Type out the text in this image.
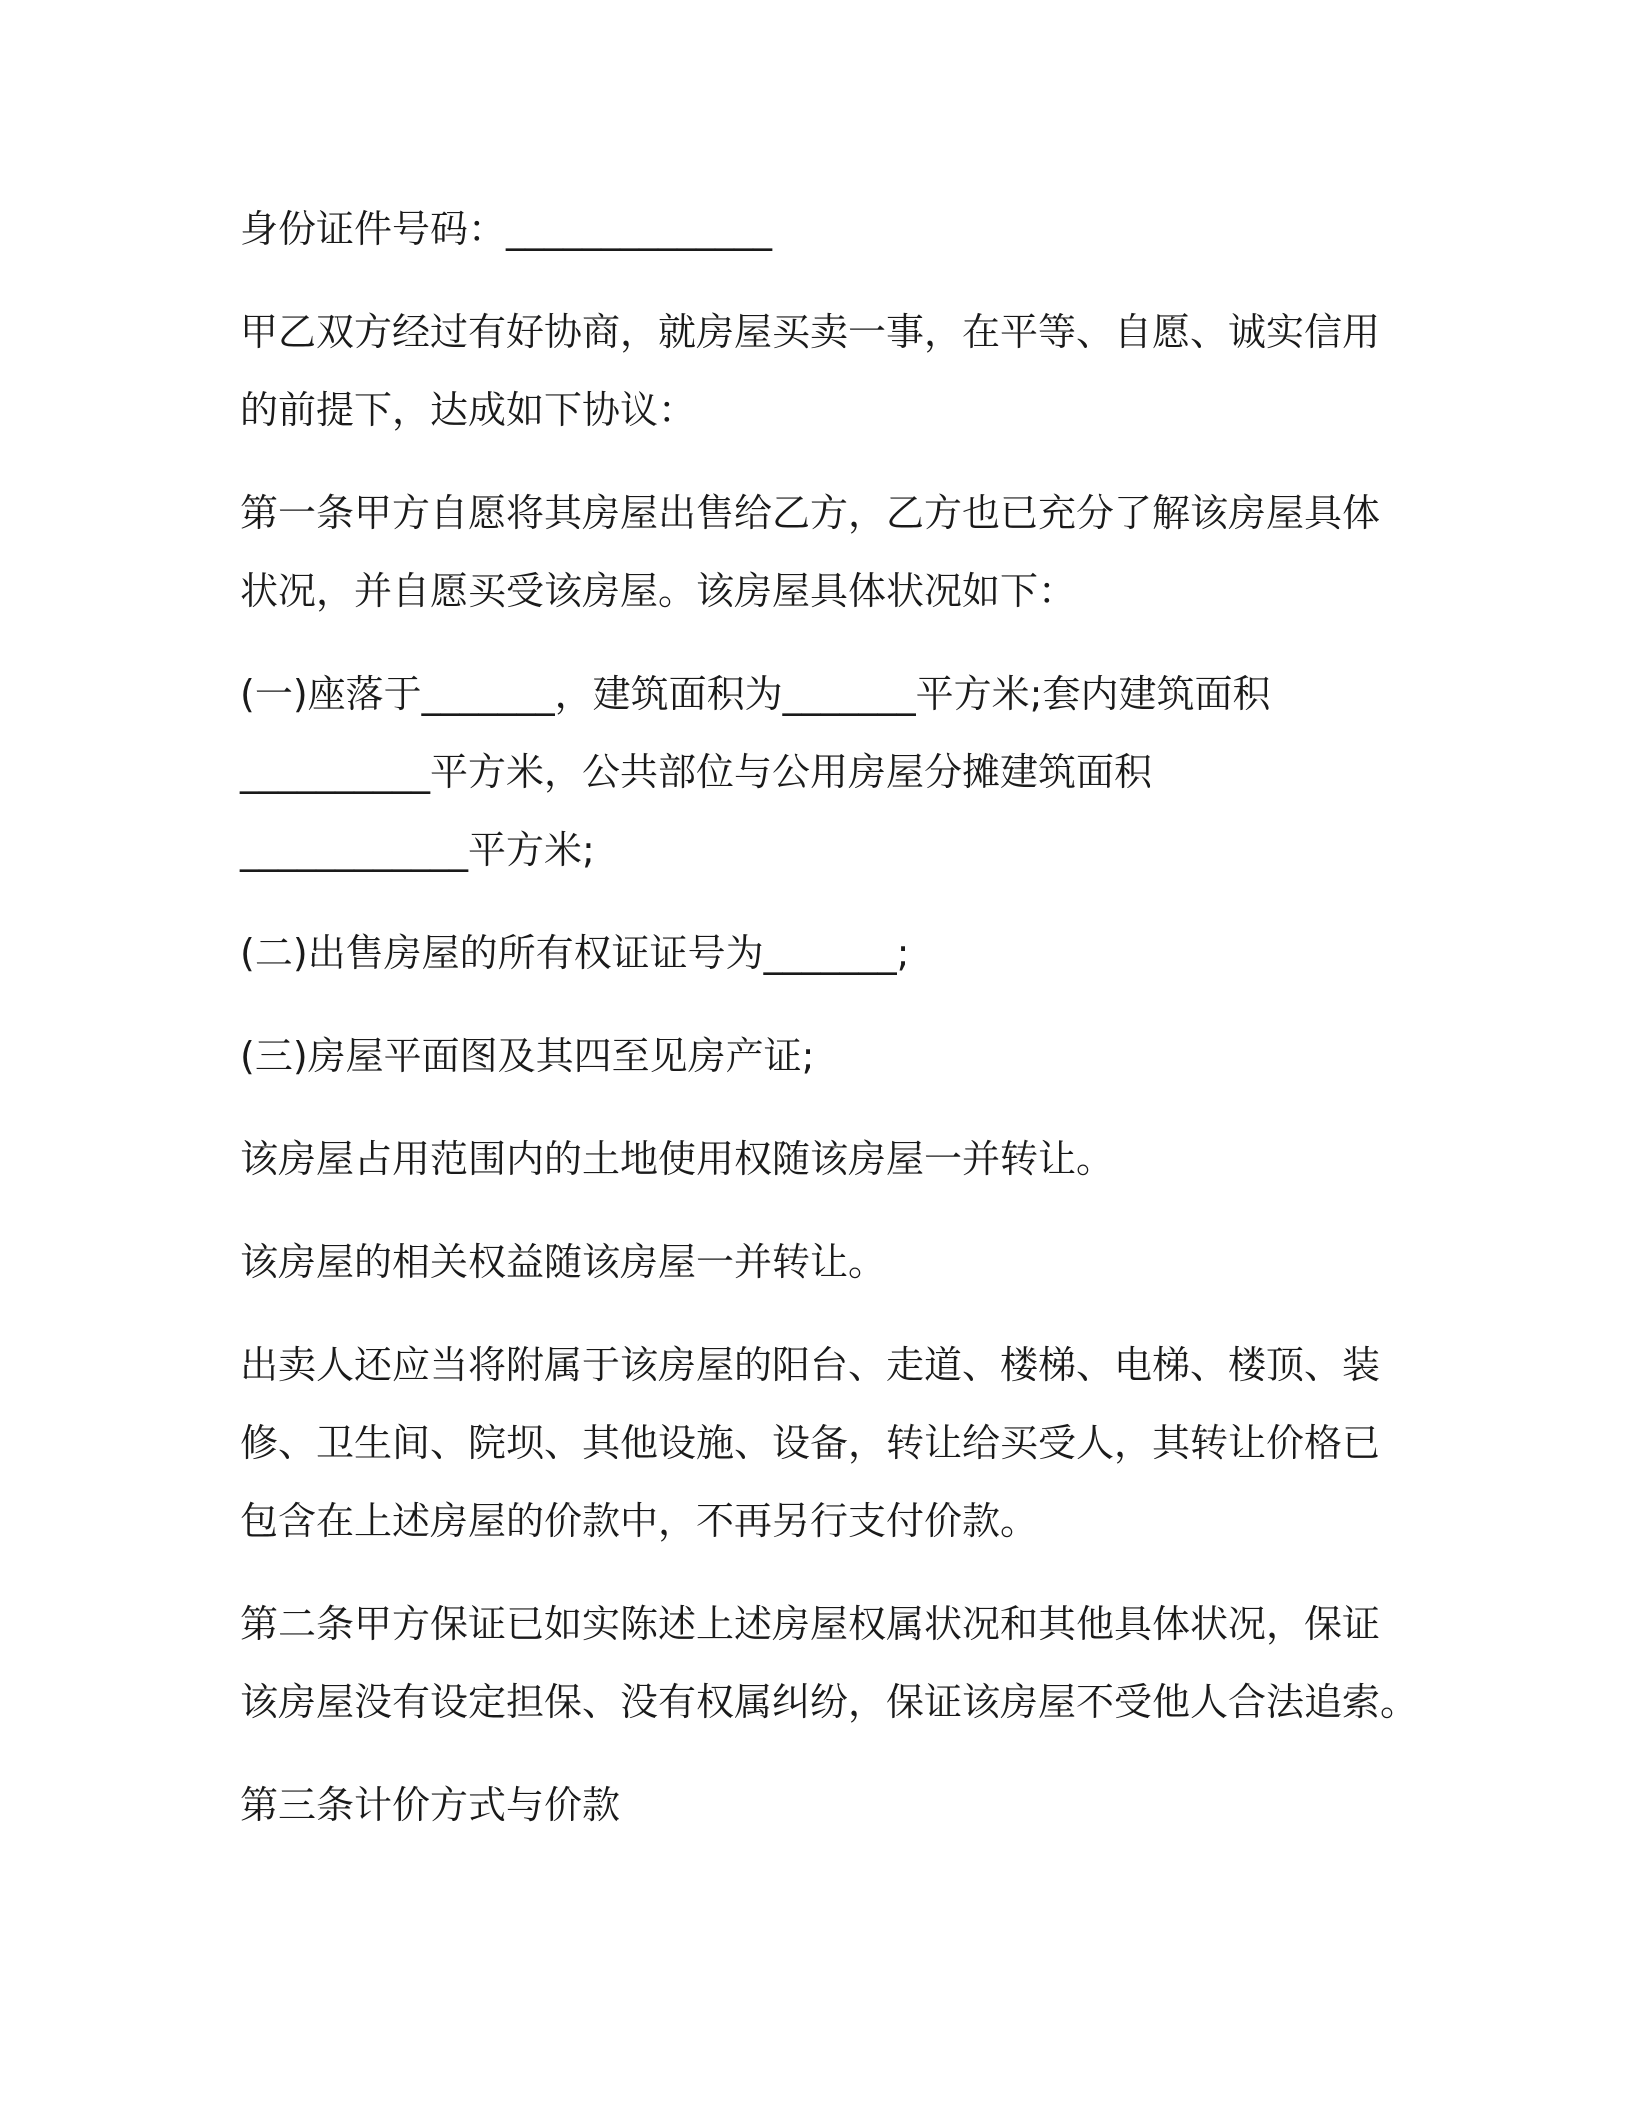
身份证件号码：______________

甲乙双方经过有好协商，就房屋买卖一事，在平等、自愿、诚实信用
的前提下，达成如下协议：

第一条甲方自愿将其房屋出售给乙方，乙方也已充分了解该房屋具体
状况，并自愿买受该房屋。该房屋具体状况如下：

(一)座落于_______，建筑面积为_______平方米;套内建筑面积
__________平方米，公共部位与公用房屋分摊建筑面积
____________平方米;

(二)出售房屋的所有权证证号为_______;

(三)房屋平面图及其四至见房产证;

该房屋占用范围内的土地使用权随该房屋一并转让。

该房屋的相关权益随该房屋一并转让。

出卖人还应当将附属于该房屋的阳台、走道、楼梯、电梯、楼顶、装
修、卫生间、院坝、其他设施、设备，转让给买受人，其转让价格已
包含在上述房屋的价款中，不再另行支付价款。

第二条甲方保证已如实陈述上述房屋权属状况和其他具体状况，保证
该房屋没有设定担保、没有权属纠纷，保证该房屋不受他人合法追索。

第三条计价方式与价款
